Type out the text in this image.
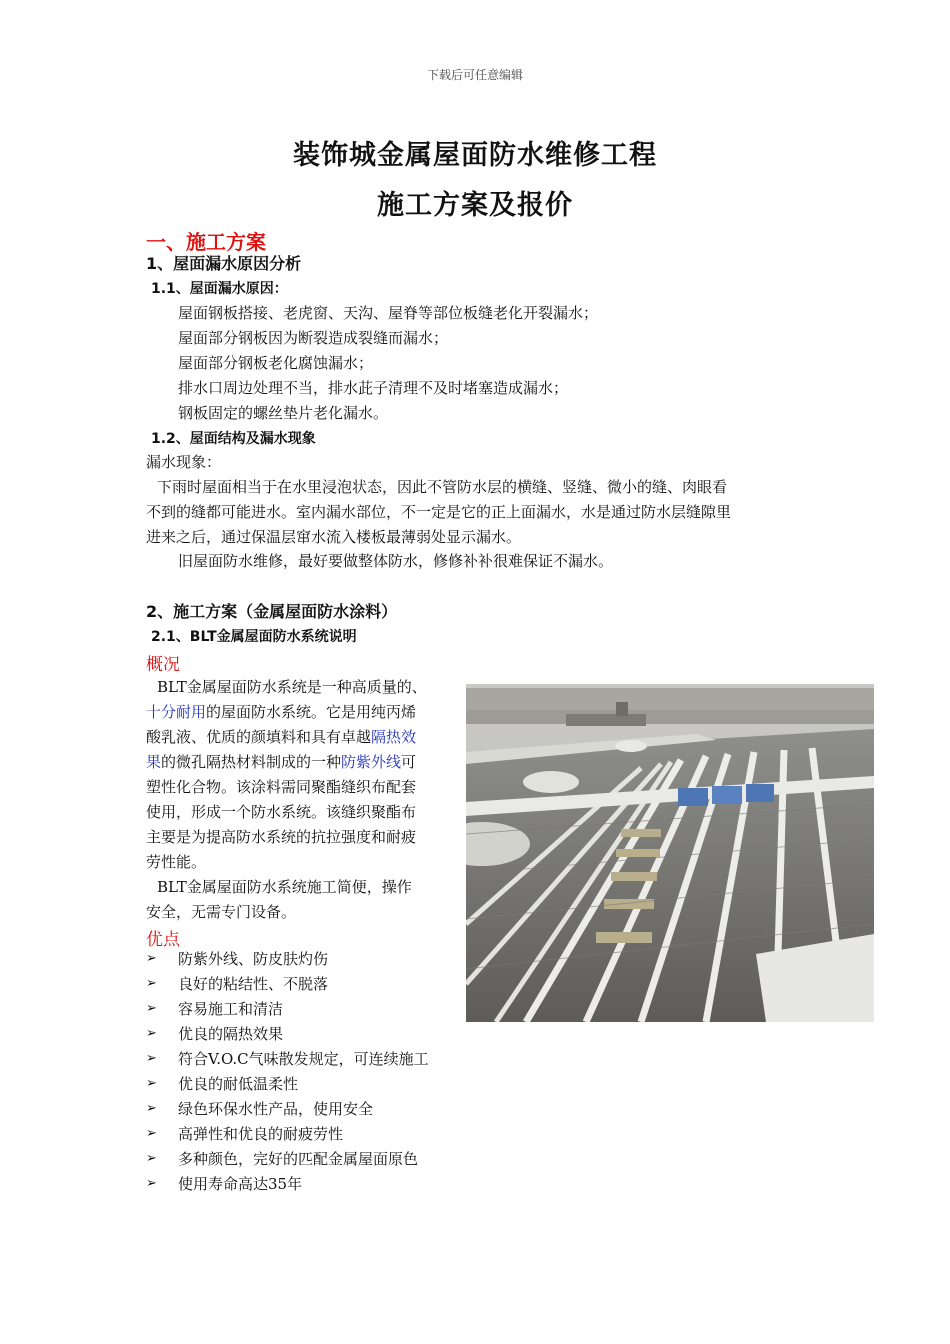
下载后可任意编辑
装饰城金属屋面防水维修工程
施工方案及报价
一、施工方案
1、屋面漏水原因分析
1.1、屋面漏水原因：
屋面钢板搭接、老虎窗、天沟、屋脊等部位板缝老化开裂漏水；
屋面部分钢板因为断裂造成裂缝而漏水；
屋面部分钢板老化腐蚀漏水；
排水口周边处理不当，排水茈子清理不及时堵塞造成漏水；
钢板固定的螺丝垫片老化漏水。
1.2、屋面结构及漏水现象
漏水现象：
下雨时屋面相当于在水里浸泡状态，因此不管防水层的横缝、竖缝、微小的缝、肉眼看
不到的缝都可能进水。室内漏水部位，不一定是它的正上面漏水，水是通过防水层缝隙里
进来之后，通过保温层窜水流入楼板最薄弱处显示漏水。
旧屋面防水维修，最好要做整体防水，修修补补很难保证不漏水。
2、施工方案（金属屋面防水涂料）
2.1、BLT金属屋面防水系统说明
概况
BLT金属屋面防水系统是一种高质量的、
十分耐用的屋面防水系统。它是用纯丙烯
酸乳液、优质的颜填料和具有卓越隔热效
果的微孔隔热材料制成的一种防紫外线可
塑性化合物。该涂料需同聚酯缝织布配套
使用，形成一个防水系统。该缝织聚酯布
主要是为提高防水系统的抗拉强度和耐疲
劳性能。
BLT金属屋面防水系统施工简便，操作
安全，无需专门设备。
优点
➢ 防紫外线、防皮肤灼伤
➢ 良好的粘结性、不脱落
➢ 容易施工和清洁
➢ 优良的隔热效果
➢ 符合V.O.C气味散发规定，可连续施工
➢ 优良的耐低温柔性
➢ 绿色环保水性产品，使用安全
➢ 高弹性和优良的耐疲劳性
➢ 多种颜色，完好的匹配金属屋面原色
➢ 使用寿命高达35年
